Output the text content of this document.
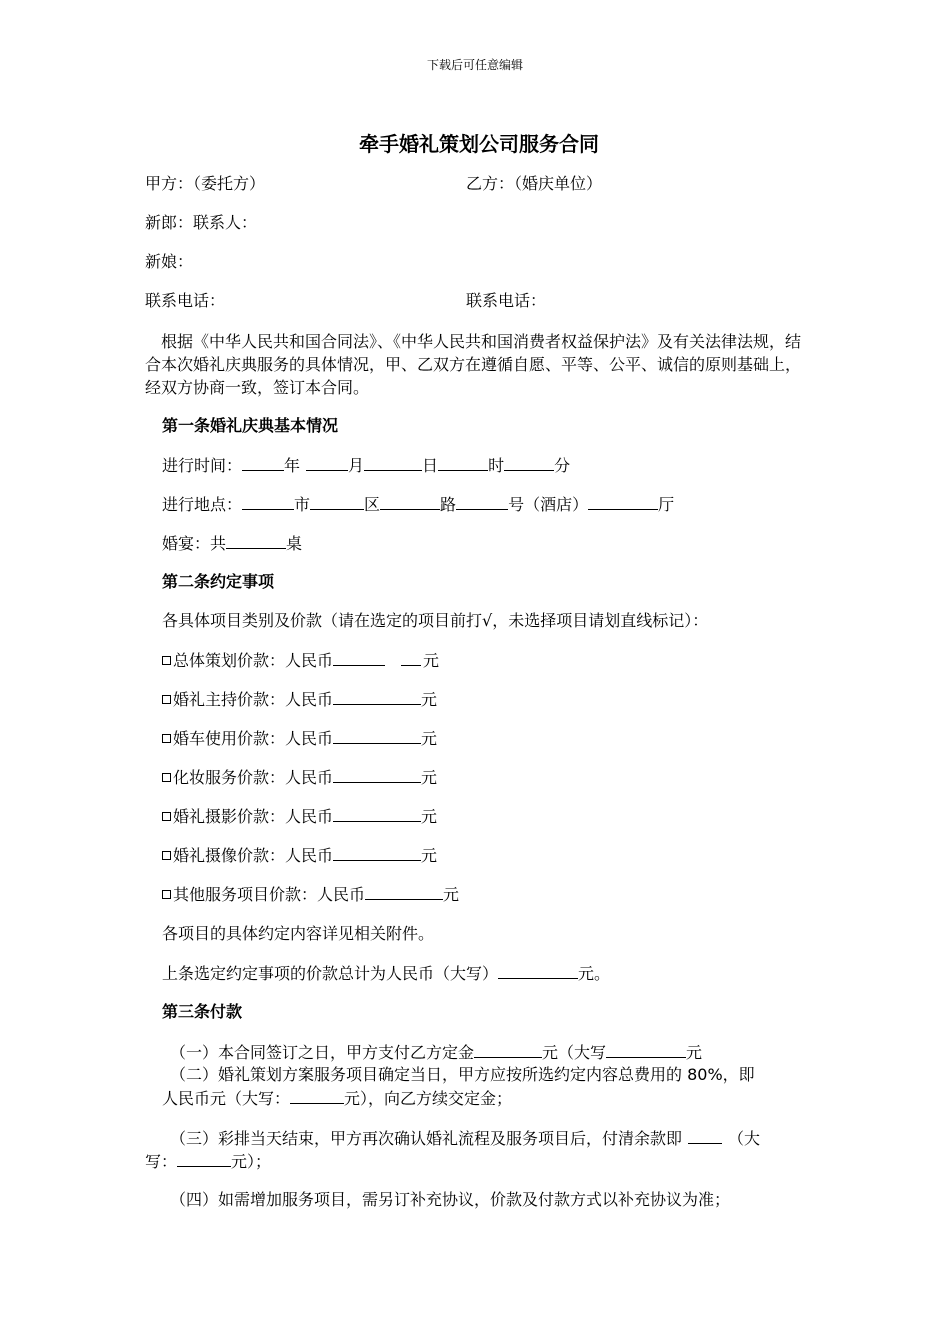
下载后可任意编辑
牵手婚礼策划公司服务合同
甲方：（委托方）	乙方：（婚庆单位）
新郎：联系人：
新娘：
联系电话：	联系电话：
根据《中华人民共和国合同法》、《中华人民共和国消费者权益保护法》及有关法律法规，结合本次婚礼庆典服务的具体情况，甲、乙双方在遵循自愿、平等、公平、诚信的原则基础上，经双方协商一致，签订本合同。
第一条婚礼庆典基本情况
进行时间：	年	月	日	时	分
进行地点：	市	区	路	号（酒店）	厅
婚宴：共	桌
第二条约定事项
各具体项目类别及价款（请在选定的项目前打√，未选择项目请划直线标记）：
总体策划价款：人民币	元
婚礼主持价款：人民币	元
婚车使用价款：人民币	元
化妆服务价款：人民币	元
婚礼摄影价款：人民币	元
婚礼摄像价款：人民币	元
其他服务项目价款：人民币	元
各项目的具体约定内容详见相关附件。
上条选定约定事项的价款总计为人民币（大写）	元。
第三条付款
（一）本合同签订之日，甲方支付乙方定金	元（大写	元
（二）婚礼策划方案服务项目确定当日，甲方应按所选约定内容总费用的 80%，即
人民币元（大写：	元），向乙方续交定金；
（三）彩排当天结束，甲方再次确认婚礼流程及服务项目后，付清余款即	（大
写：	元）；
（四）如需增加服务项目，需另订补充协议，价款及付款方式以补充协议为准；
